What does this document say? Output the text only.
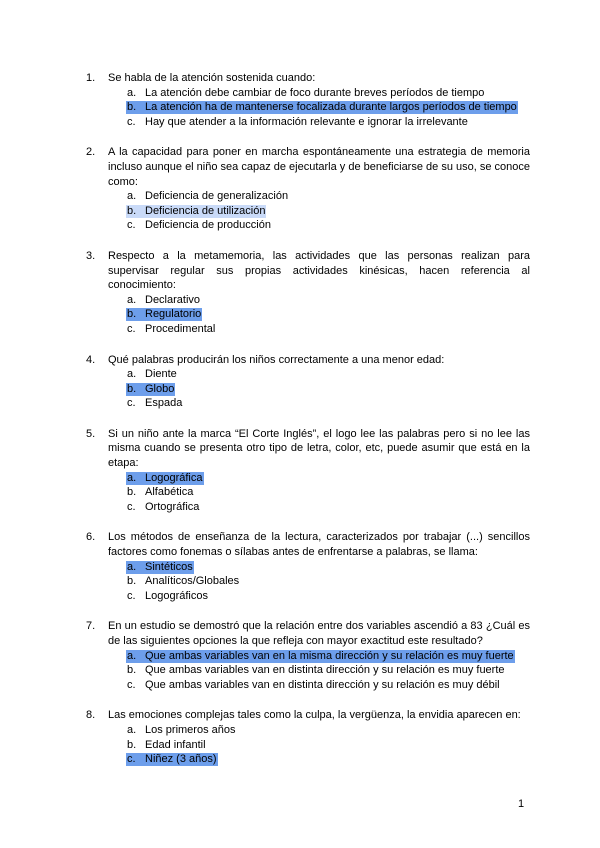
1. Se habla de la atención sostenida cuando:
a. La atención debe cambiar de foco durante breves períodos de tiempo
b. La atención ha de mantenerse focalizada durante largos períodos de tiempo
c. Hay que atender a la información relevante e ignorar la irrelevante
2. A la capacidad para poner en marcha espontáneamente una estrategia de memoria incluso aunque el niño sea capaz de ejecutarla y de beneficiarse de su uso, se conoce como:
a. Deficiencia de generalización
b. Deficiencia de utilización
c. Deficiencia de producción
3. Respecto a la metamemoria, las actividades que las personas realizan para supervisar regular sus propias actividades kinésicas, hacen referencia al conocimiento:
a. Declarativo
b. Regulatorio
c. Procedimental
4. Qué palabras producirán los niños correctamente a una menor edad:
a. Diente
b. Globo
c. Espada
5. Si un niño ante la marca “El Corte Inglés”, el logo lee las palabras pero si no lee las misma cuando se presenta otro tipo de letra, color, etc, puede asumir que está en la etapa:
a. Logográfica
b. Alfabética
c. Ortográfica
6. Los métodos de enseñanza de la lectura, caracterizados por trabajar (...) sencillos factores como fonemas o sílabas antes de enfrentarse a palabras, se llama:
a. Sintéticos
b. Analíticos/Globales
c. Logográficos
7. En un estudio se demostró que la relación entre dos variables ascendió a 83 ¿Cuál es de las siguientes opciones la que refleja con mayor exactitud este resultado?
a. Que ambas variables van en la misma dirección y su relación es muy fuerte
b. Que ambas variables van en distinta dirección y su relación es muy fuerte
c. Que ambas variables van en distinta dirección y su relación es muy débil
8. Las emociones complejas tales como la culpa, la vergüenza, la envidia aparecen en:
a. Los primeros años
b. Edad infantil
c. Niñez (3 años)
1
